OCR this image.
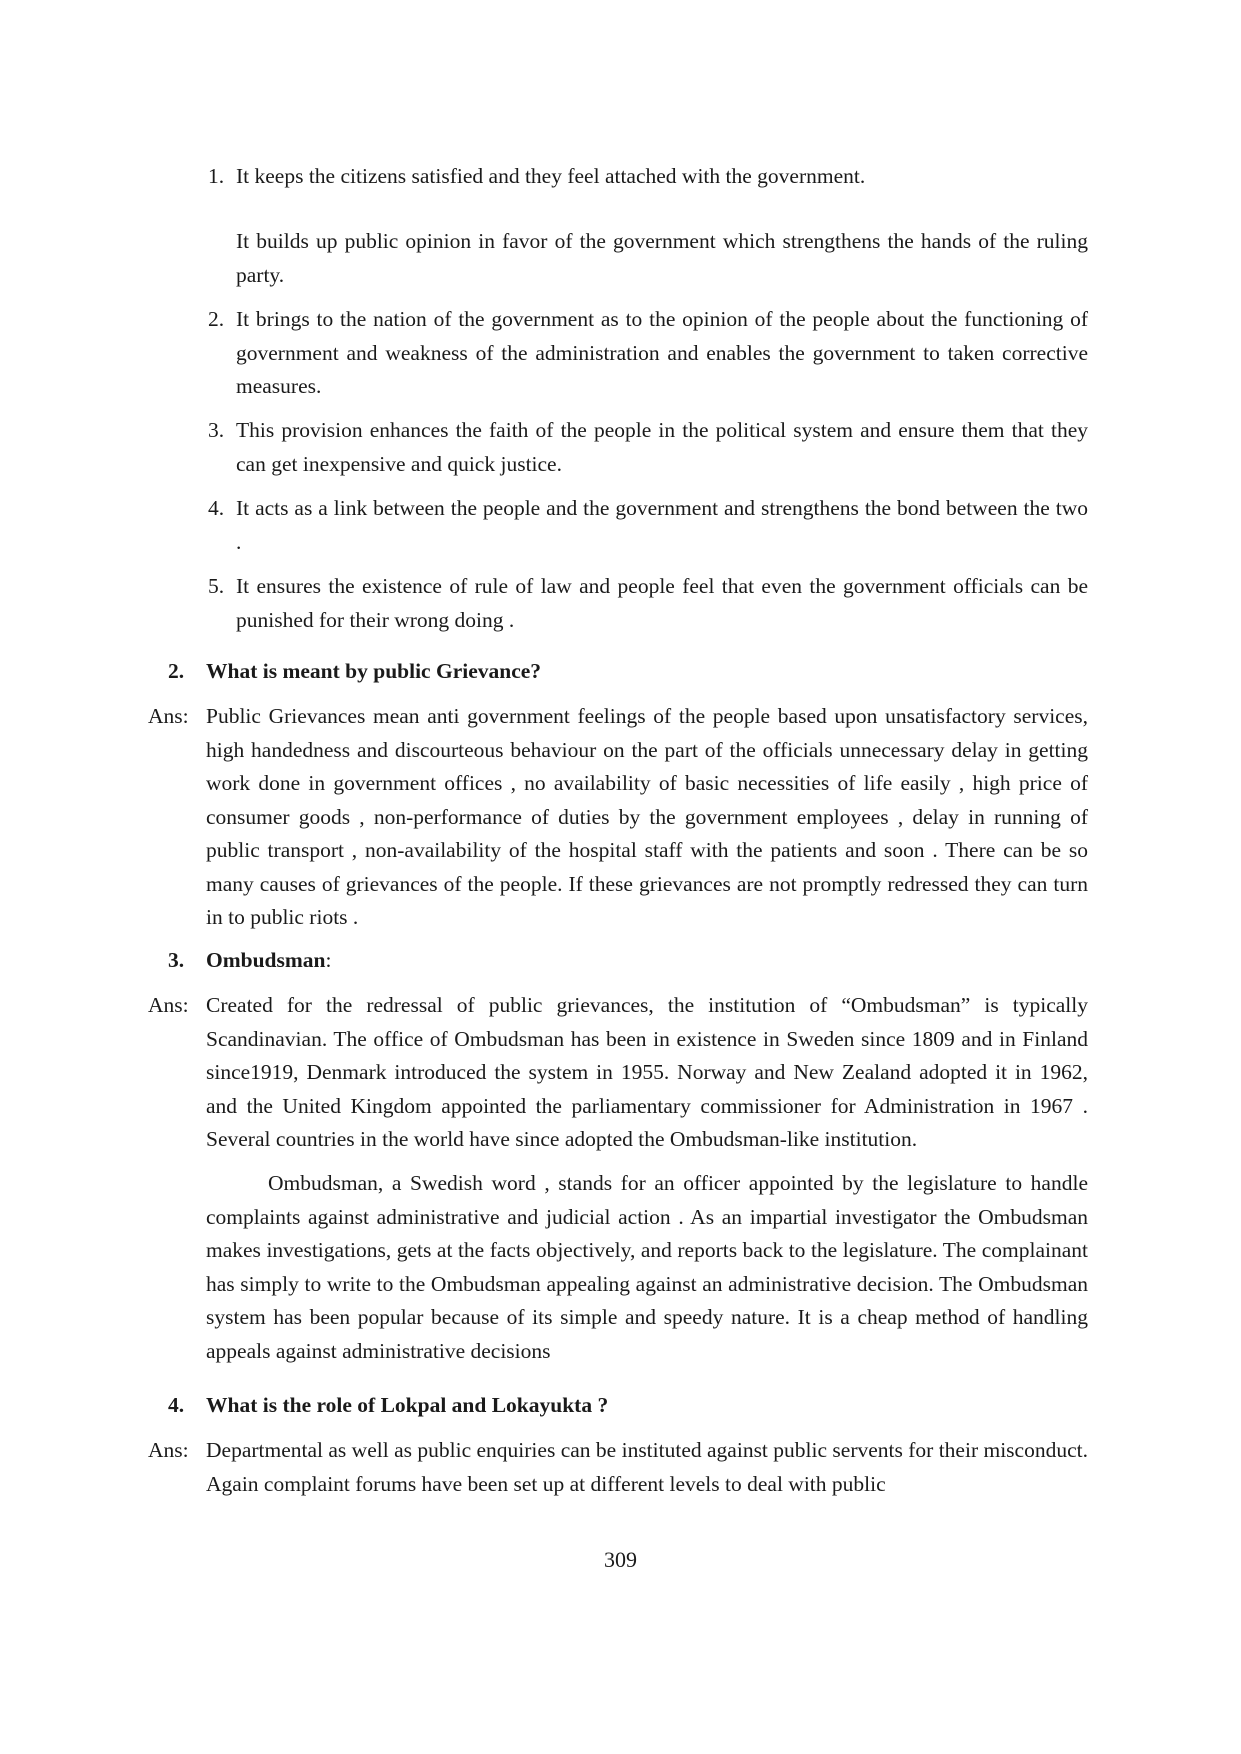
1. It keeps the citizens satisfied and they feel attached with the government.

It builds up public opinion in favor of the government which strengthens the hands of the ruling party.

2. It brings to the nation of the government as to the opinion of the people about the functioning of government and weakness of the administration and enables the government to taken corrective measures.

3. This provision enhances the faith of the people in the political system and ensure them that they can get inexpensive and quick justice.

4. It acts as a link between the people and the government and strengthens the bond between the two .

5. It ensures the existence of rule of law and people feel that even the government officials can be punished for their wrong doing .

2. What is meant by public Grievance?
Ans: Public Grievances mean anti government feelings of the people based upon unsatisfactory services, high handedness and discourteous behaviour on the part of the officials unnecessary delay in getting work done in government offices , no availability of basic necessities of life easily , high price of consumer goods , non-performance of duties by the government employees , delay in running of public transport , non-availability of the hospital staff with the patients and soon . There can be so many causes of grievances of the people. If these grievances are not promptly redressed they can turn in to public riots .

3. Ombudsman:
Ans: Created for the redressal of public grievances, the institution of “Ombudsman” is typically Scandinavian. The office of Ombudsman has been in existence in Sweden since 1809 and in Finland since1919, Denmark introduced the system in 1955. Norway and New Zealand adopted it in 1962, and the United Kingdom appointed the parliamentary commissioner for Administration in 1967 . Several countries in the world have since adopted the Ombudsman-like institution.

Ombudsman, a Swedish word , stands for an officer appointed by the legislature to handle complaints against administrative and judicial action . As an impartial investigator the Ombudsman makes investigations, gets at the facts objectively, and reports back to the legislature. The complainant has simply to write to the Ombudsman appealing against an administrative decision. The Ombudsman system has been popular because of its simple and speedy nature. It is a cheap method of handling appeals against administrative decisions

4. What is the role of Lokpal and Lokayukta ?
Ans: Departmental as well as public enquiries can be instituted against public servents for their misconduct. Again complaint forums have been set up at different levels to deal with public

309
